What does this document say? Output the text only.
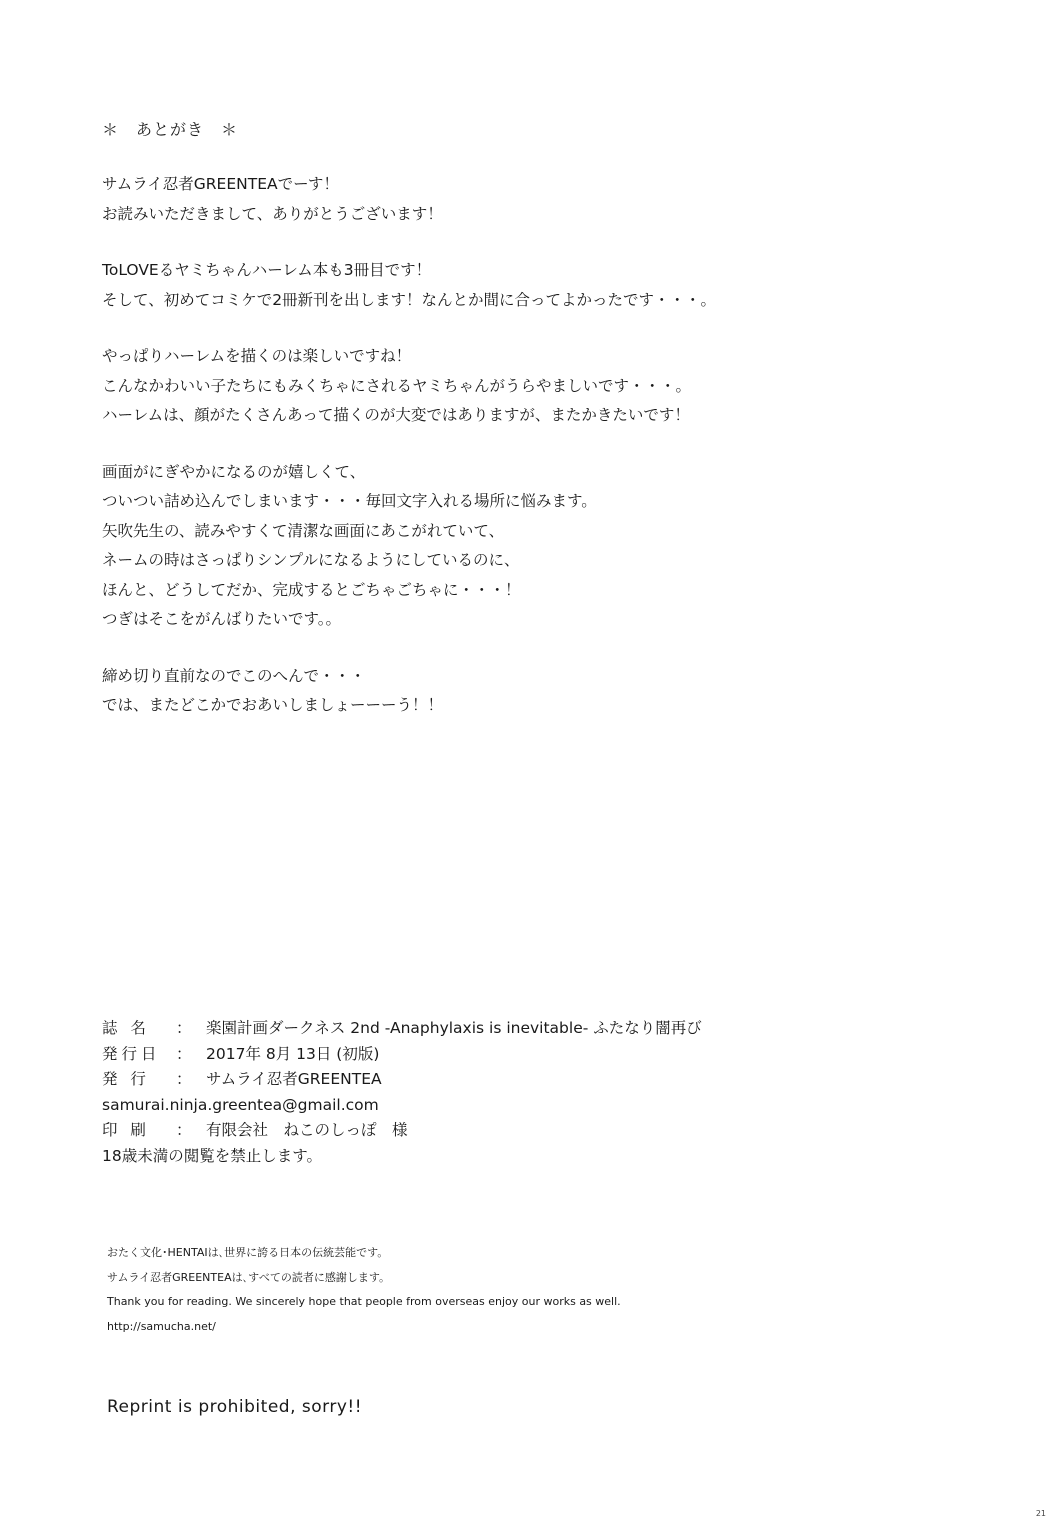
＊　あとがき　＊
サムライ忍者GREENTEAでーす！
お読みいただきまして、ありがとうございます！
ToLOVEるヤミちゃんハーレム本も3冊目です！
そして、初めてコミケで2冊新刊を出します！なんとか間に合ってよかったです・・・。
やっぱりハーレムを描くのは楽しいですね！
こんなかわいい子たちにもみくちゃにされるヤミちゃんがうらやましいです・・・。
ハーレムは、顔がたくさんあって描くのが大変ではありますが、またかきたいです！
画面がにぎやかになるのが嬉しくて、
ついつい詰め込んでしまいます・・・毎回文字入れる場所に悩みます。
矢吹先生の、読みやすくて清潔な画面にあこがれていて、
ネームの時はさっぱりシンプルになるようにしているのに、
ほんと、どうしてだか、完成するとごちゃごちゃに・・・！
つぎはそこをがんばりたいです。。
締め切り直前なのでこのへんで・・・
では、またどこかでおあいしましょーーーう！！
誌 名	： 楽園計画ダークネス 2nd -Anaphylaxis is inevitable- ふたなり闇再び
発行日 ： 2017年 8月 13日 (初版)
発 行	： サムライ忍者GREENTEA
samurai.ninja.greentea@gmail.com
印 刷	： 有限会社　ねこのしっぽ　様
18歳未満の閲覧を禁止します。
おたく文化･HENTAIは､世界に誇る日本の伝統芸能です。
サムライ忍者GREENTEAは､すべての読者に感謝します。
Thank you for reading. We sincerely hope that people from overseas enjoy our works as well.
http://samucha.net/
Reprint is prohibited, sorry!!
21
